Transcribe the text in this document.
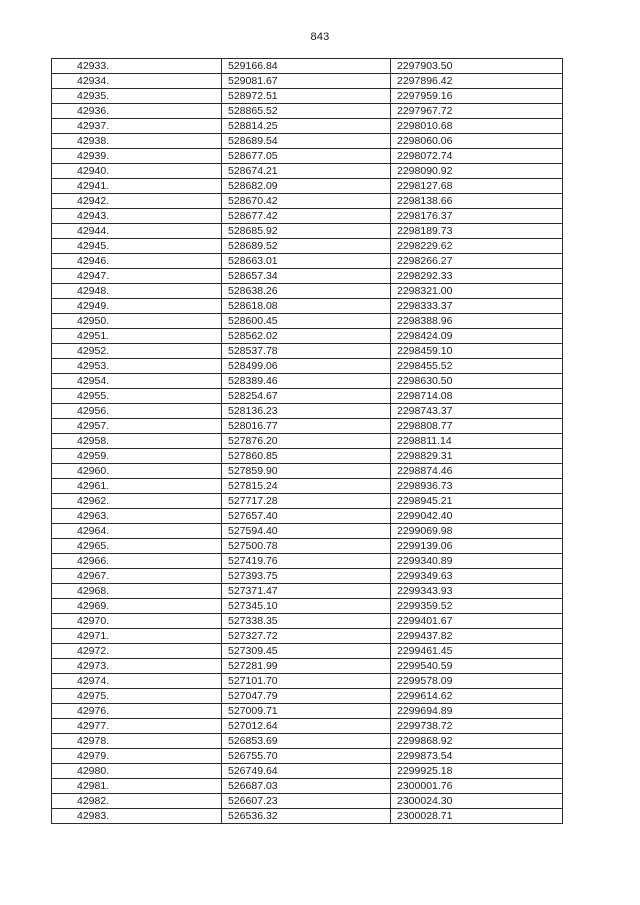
843
42933.	529166.84	2297903.50
42934.	529081.67	2297896.42
42935.	528972.51	2297959.16
42936.	528865.52	2297967.72
42937.	528814.25	2298010.68
42938.	528689.54	2298060.06
42939.	528677.05	2298072.74
42940.	528674.21	2298090.92
42941.	528682.09	2298127.68
42942.	528670.42	2298138.66
42943.	528677.42	2298176.37
42944.	528685.92	2298189.73
42945.	528689.52	2298229.62
42946.	528663.01	2298266.27
42947.	528657.34	2298292.33
42948.	528638.26	2298321.00
42949.	528618.08	2298333.37
42950.	528600.45	2298388.96
42951.	528562.02	2298424.09
42952.	528537.78	2298459.10
42953.	528499.06	2298455.52
42954.	528389.46	2298630.50
42955.	528254.67	2298714.08
42956.	528136.23	2298743.37
42957.	528016.77	2298808.77
42958.	527876.20	2298811.14
42959.	527860.85	2298829.31
42960.	527859.90	2298874.46
42961.	527815.24	2298936.73
42962.	527717.28	2298945.21
42963.	527657.40	2299042.40
42964.	527594.40	2299069.98
42965.	527500.78	2299139.06
42966.	527419.76	2299340.89
42967.	527393.75	2299349.63
42968.	527371.47	2299343.93
42969.	527345.10	2299359.52
42970.	527338.35	2299401.67
42971.	527327.72	2299437.82
42972.	527309.45	2299461.45
42973.	527281.99	2299540.59
42974.	527101.70	2299578.09
42975.	527047.79	2299614.62
42976.	527009.71	2299694.89
42977.	527012.64	2299738.72
42978.	526853.69	2299868.92
42979.	526755.70	2299873.54
42980.	526749.64	2299925.18
42981.	526687.03	2300001.76
42982.	526607.23	2300024.30
42983.	526536.32	2300028.71
